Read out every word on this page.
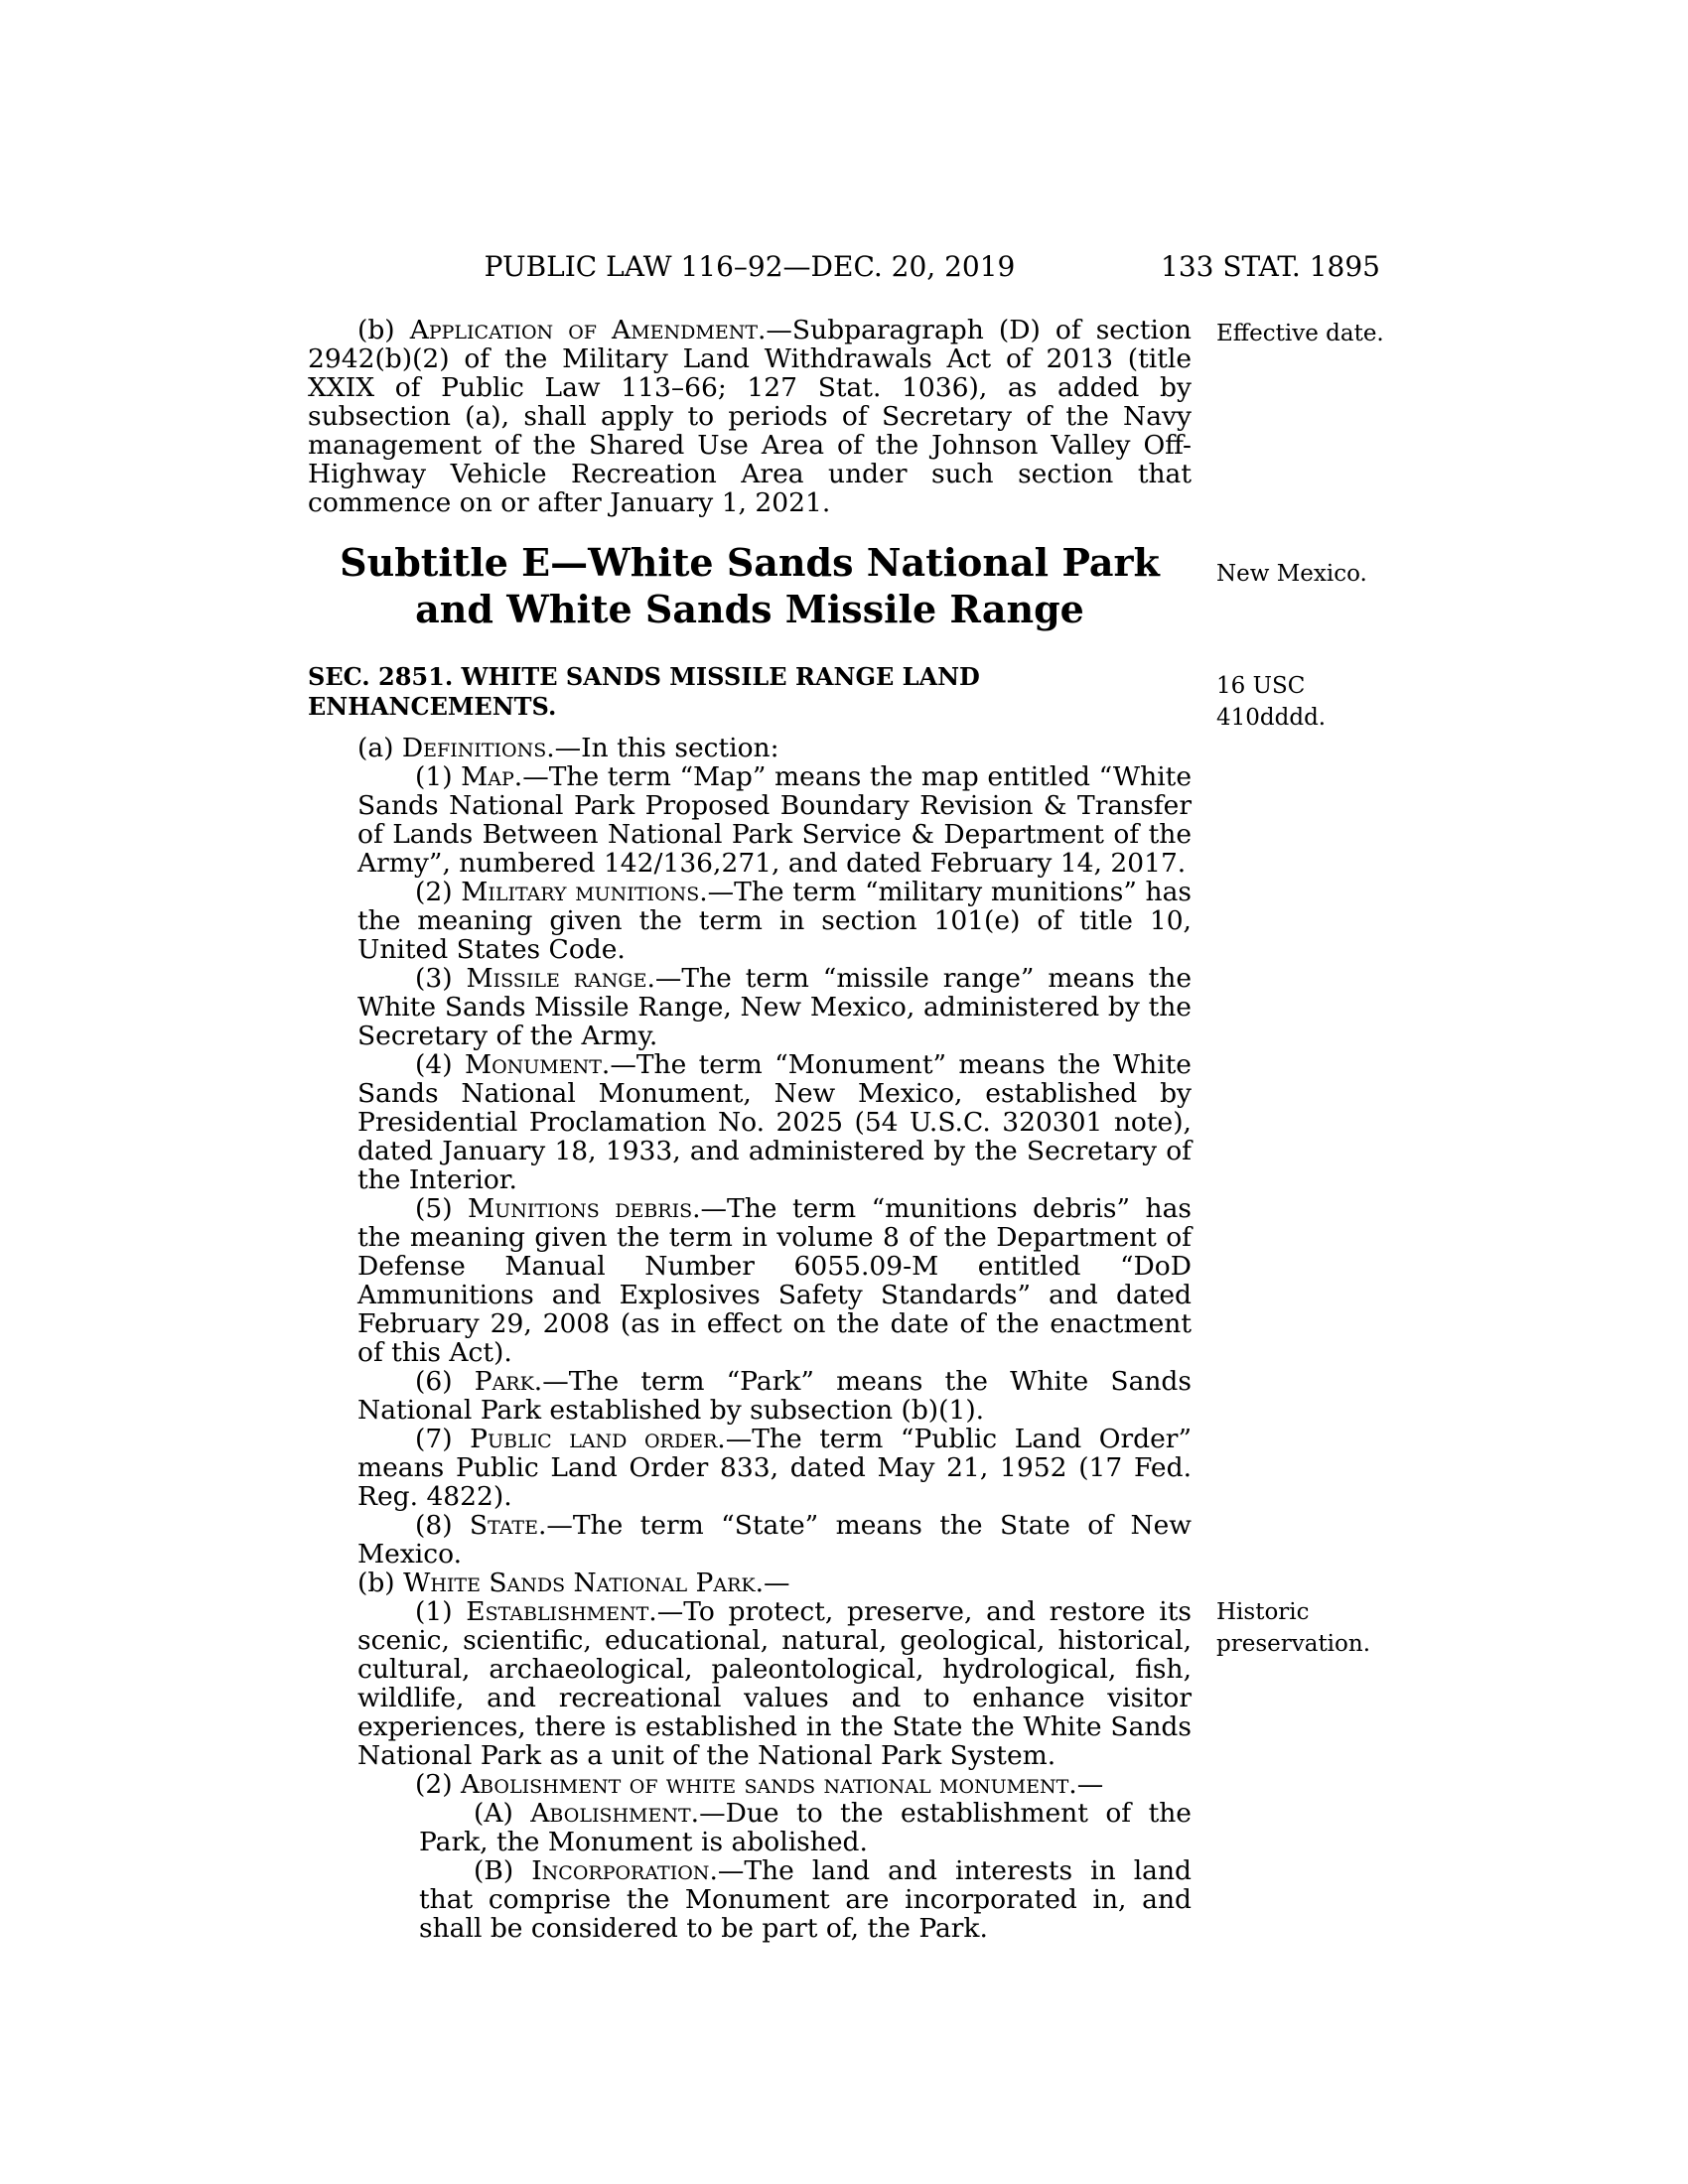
PUBLIC LAW 116–92—DEC. 20, 2019	133 STAT. 1895
Effective date.
New Mexico.
16 USC 410dddd.
Historic preservation.

(b) Application of Amendment.—Subparagraph (D) of section 2942(b)(2) of the Military Land Withdrawals Act of 2013 (title XXIX of Public Law 113–66; 127 Stat. 1036), as added by subsection (a), shall apply to periods of Secretary of the Navy management of the Shared Use Area of the Johnson Valley Off-Highway Vehicle Recreation Area under such section that commence on or after January 1, 2021.

Subtitle E—White Sands National Park
and White Sands Missile Range

SEC. 2851. WHITE SANDS MISSILE RANGE LAND ENHANCEMENTS.

(a) Definitions.—In this section:

(1) Map.—The term “Map” means the map entitled “White Sands National Park Proposed Boundary Revision & Transfer of Lands Between National Park Service & Department of the Army”, numbered 142/136,271, and dated February 14, 2017.

(2) Military munitions.—The term “military munitions” has the meaning given the term in section 101(e) of title 10, United States Code.

(3) Missile range.—The term “missile range” means the White Sands Missile Range, New Mexico, administered by the Secretary of the Army.

(4) Monument.—The term “Monument” means the White Sands National Monument, New Mexico, established by Presidential Proclamation No. 2025 (54 U.S.C. 320301 note), dated January 18, 1933, and administered by the Secretary of the Interior.

(5) Munitions debris.—The term “munitions debris” has the meaning given the term in volume 8 of the Department of Defense Manual Number 6055.09-M entitled “DoD Ammunitions and Explosives Safety Standards” and dated February 29, 2008 (as in effect on the date of the enactment of this Act).

(6) Park.—The term “Park” means the White Sands National Park established by subsection (b)(1).

(7) Public land order.—The term “Public Land Order” means Public Land Order 833, dated May 21, 1952 (17 Fed. Reg. 4822).

(8) State.—The term “State” means the State of New Mexico.

(b) White Sands National Park.—

(1) Establishment.—To protect, preserve, and restore its scenic, scientific, educational, natural, geological, historical, cultural, archaeological, paleontological, hydrological, fish, wildlife, and recreational values and to enhance visitor experiences, there is established in the State the White Sands National Park as a unit of the National Park System.

(2) Abolishment of white sands national monument.—

(A) Abolishment.—Due to the establishment of the Park, the Monument is abolished.

(B) Incorporation.—The land and interests in land that comprise the Monument are incorporated in, and shall be considered to be part of, the Park.
